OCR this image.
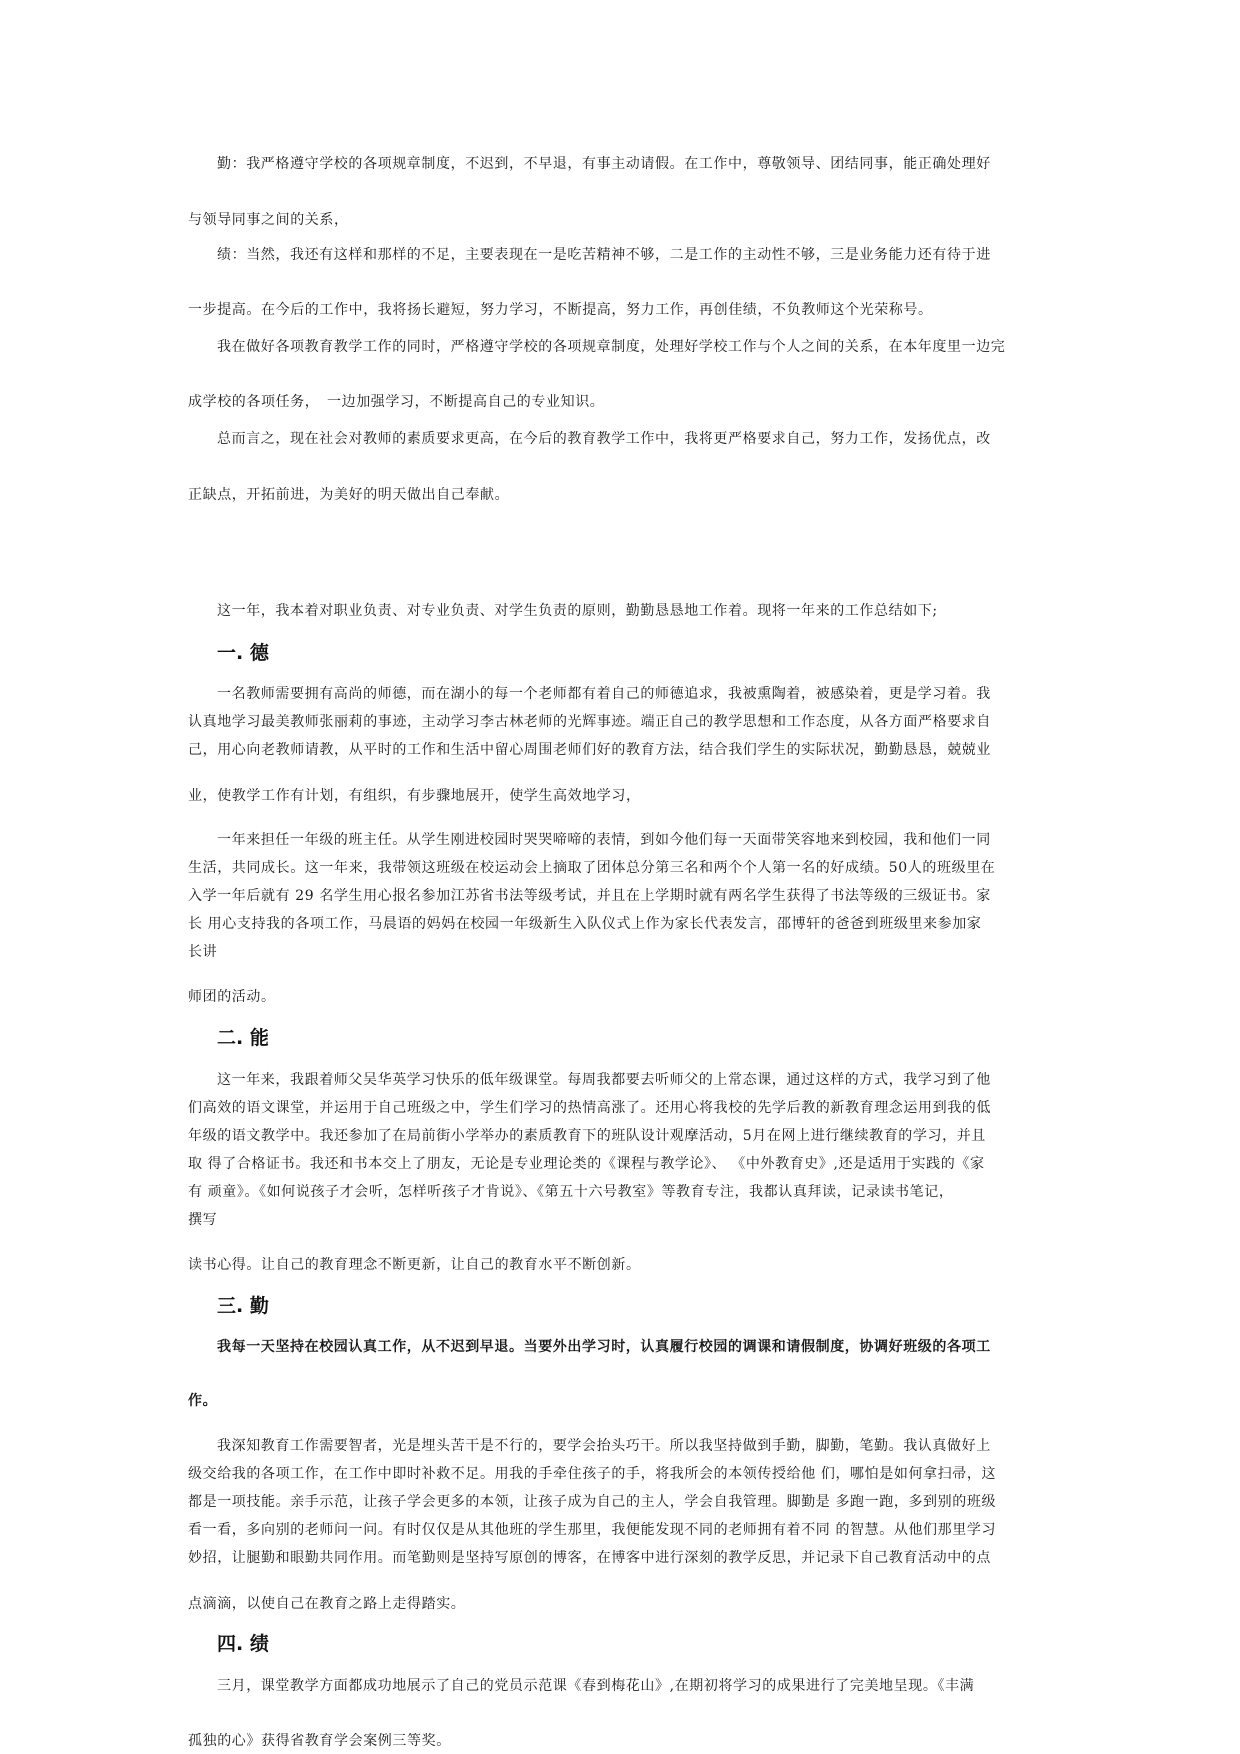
勤：我严格遵守学校的各项规章制度，不迟到，不早退，有事主动请假。在工作中，尊敬领导、团结同事，能正确处理好
与领导同事之间的关系，
绩：当然，我还有这样和那样的不足，主要表现在一是吃苦精神不够，二是工作的主动性不够，三是业务能力还有待于进
一步提高。在今后的工作中，我将扬长避短，努力学习，不断提高，努力工作，再创佳绩，不负教师这个光荣称号。
我在做好各项教育教学工作的同时，严格遵守学校的各项规章制度，处理好学校工作与个人之间的关系，在本年度里一边完
成学校的各项任务，　一边加强学习，不断提高自己的专业知识。
总而言之，现在社会对教师的素质要求更高，在今后的教育教学工作中，我将更严格要求自己，努力工作，发扬优点，改
正缺点，开拓前进，为美好的明天做出自己奉献。
这一年，我本着对职业负责、对专业负责、对学生负责的原则，勤勤恳恳地工作着。现将一年来的工作总结如下;
一. 德
一名教师需要拥有高尚的师德，而在湖小的每一个老师都有着自己的师德追求，我被熏陶着，被感染着，更是学习着。我
认真地学习最美教师张丽莉的事迹，主动学习李古林老师的光辉事迹。端正自己的教学思想和工作态度，从各方面严格要求自
己，用心向老教师请教，从平时的工作和生活中留心周围老师们好的教育方法，结合我们学生的实际状况，勤勤恳恳，兢兢业
业，使教学工作有计划，有组织，有步骤地展开，使学生高效地学习，
一年来担任一年级的班主任。从学生刚进校园时哭哭啼啼的表情，到如今他们每一天面带笑容地来到校园，我和他们一同
生活，共同成长。这一年来，我带领这班级在校运动会上摘取了团体总分第三名和两个个人第一名的好成绩。50人的班级里在
入学一年后就有 29 名学生用心报名参加江苏省书法等级考试，并且在上学期时就有两名学生获得了书法等级的三级证书。家
长 用心支持我的各项工作，马晨语的妈妈在校园一年级新生入队仪式上作为家长代表发言，邵博轩的爸爸到班级里来参加家
长讲
师团的活动。
二. 能
这一年来，我跟着师父吴华英学习快乐的低年级课堂。每周我都要去听师父的上常态课，通过这样的方式，我学习到了他
们高效的语文课堂，并运用于自己班级之中，学生们学习的热情高涨了。还用心将我校的先学后教的新教育理念运用到我的低
年级的语文教学中。我还参加了在局前街小学举办的素质教育下的班队设计观摩活动，5月在网上进行继续教育的学习，并且
取 得了合格证书。我还和书本交上了朋友，无论是专业理论类的《课程与教学论》、 《中外教育史》,还是适用于实践的《家
有 顽童》。《如何说孩子才会听，怎样听孩子才肯说》、《第五十六号教室》等教育专注，我都认真拜读，记录读书笔记，
撰写
读书心得。让自己的教育理念不断更新，让自己的教育水平不断创新。
三. 勤
我每一天坚持在校园认真工作，从不迟到早退。当要外出学习时，认真履行校园的调课和请假制度，协调好班级的各项工
作。
我深知教育工作需要智者，光是埋头苦干是不行的，要学会抬头巧干。所以我坚持做到手勤，脚勤，笔勤。我认真做好上
级交给我的各项工作，在工作中即时补救不足。用我的手牵住孩子的手，将我所会的本领传授给他 们，哪怕是如何拿扫帚，这
都是一项技能。亲手示范，让孩子学会更多的本领，让孩子成为自己的主人，学会自我管理。脚勤是 多跑一跑，多到别的班级
看一看，多向别的老师问一问。有时仅仅是从其他班的学生那里，我便能发现不同的老师拥有着不同 的智慧。从他们那里学习
妙招，让腿勤和眼勤共同作用。而笔勤则是坚持写原创的博客，在博客中进行深刻的教学反思，并记录下自己教育活动中的点
点滴滴，以使自己在教育之路上走得踏实。
四. 绩
三月，课堂教学方面都成功地展示了自己的党员示范课《春到梅花山》,在期初将学习的成果进行了完美地呈现。《丰满
孤独的心》获得省教育学会案例三等奖。
